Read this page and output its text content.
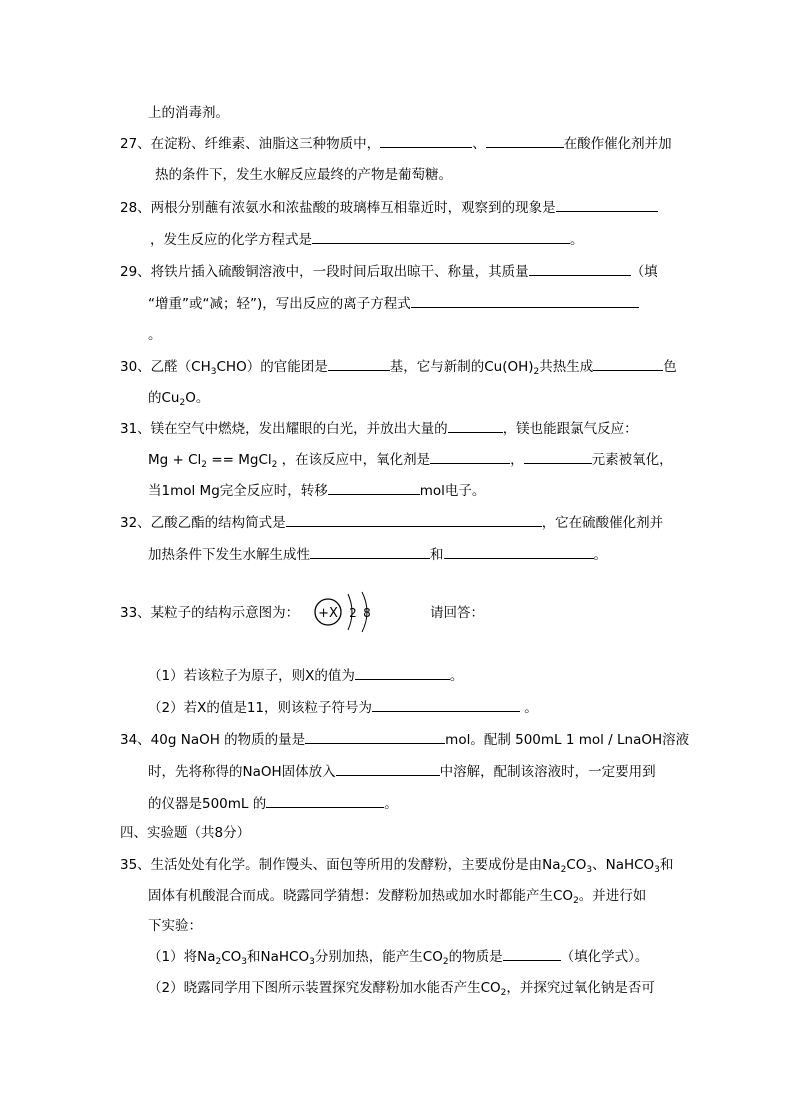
上的消毒剂。
27、在淀粉、纤维素、油脂这三种物质中，	、	在酸作催化剂并加
热的条件下，发生水解反应最终的产物是葡萄糖。
28、两根分别蘸有浓氨水和浓盐酸的玻璃棒互相靠近时，观察到的现象是
，发生反应的化学方程式是	。
29、将铁片插入硫酸铜溶液中，一段时间后取出晾干、称量，其质量	（填
“增重”或“减；轻”)，写出反应的离子方程式
。
30、乙醛$(CH_3CHO)$的官能团是	基，它与新制的$Cu(OH)_2$共热生成	色
的$Cu_2O$。
31、镁在空气中燃烧，发出耀眼的白光，并放出大量的	，镁也能跟氯气反应：
$Mg + Cl_2$ == MgCl$_2$ ，在该反应中，氧化剂是	，	元素被氧化，
当1mol Mg完全反应时，转移	mol电子。
32、乙酸乙酯的结构简式是	，它在硫酸催化剂并
加热条件下发生水解生成性	和	。
33、某粒子的结构示意图为： +X 2 8	请回答：
（1）若该粒子为原子，则X的值为	。
（2）若X的值是11，则该粒子符号为	。
34、40g NaOH 的物质的量是	mol。配制 500mL 1 mol / LnaOH溶液
时，先将称得的NaOH固体放入	中溶解，配制该溶液时，一定要用到
的仪器是500mL 的	。
四、实验题（共8分）
35、生活处处有化学。制作馒头、面包等所用的发酵粉，主要成份是由$Na_2CO_3$、NaHCO$_3$和
固体有机酸混合而成。晓露同学猜想：发酵粉加热或加水时都能产生$CO_2$。并进行如
下实验：
（1）将$Na_2CO_3$和NaHCO$_3$分别加热，能产生$CO_2$的物质是	（填化学式）。
（2）晓露同学用下图所示装置探究发酵粉加水能否产生$CO_2$，并探究过氧化钠是否可
